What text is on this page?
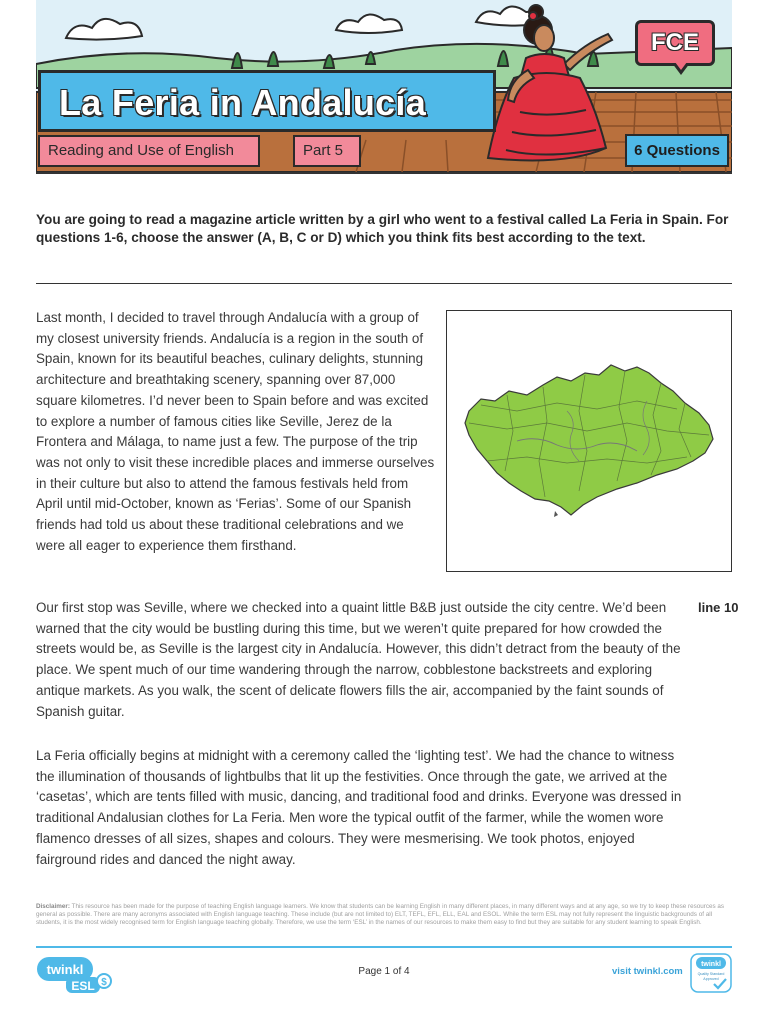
La Feria in Andalucía
Reading and Use of English	Part 5	6 Questions
FCE
You are going to read a magazine article written by a girl who went to a festival called La Feria in Spain. For questions 1-6, choose the answer (A, B, C or D) which you think fits best according to the text.
Last month, I decided to travel through Andalucía with a group of my closest university friends. Andalucía is a region in the south of Spain, known for its beautiful beaches, culinary delights, stunning architecture and breathtaking scenery, spanning over 87,000 square kilometres. I’d never been to Spain before and was excited to explore a number of famous cities like Seville, Jerez de la Frontera and Málaga, to name just a few. The purpose of the trip was not only to visit these incredible places and immerse ourselves in their culture but also to attend the famous festivals held from April until mid-October, known as ‘Ferias’. Some of our Spanish friends had told us about these traditional celebrations and we were all eager to experience them firsthand.
Our first stop was Seville, where we checked into a quaint little B&B just outside the city centre. We’d been warned that the city would be bustling during this time, but we weren’t quite prepared for how crowded the streets would be, as Seville is the largest city in Andalucía. However, this didn’t detract from the beauty of the place. We spent much of our time wandering through the narrow, cobblestone backstreets and exploring antique markets. As you walk, the scent of delicate flowers fills the air, accompanied by the faint sounds of Spanish guitar.
line 10
La Feria officially begins at midnight with a ceremony called the ‘lighting test’. We had the chance to witness the illumination of thousands of lightbulbs that lit up the festivities. Once through the gate, we arrived at the ‘casetas’, which are tents filled with music, dancing, and traditional food and drinks. Everyone was dressed in traditional Andalusian clothes for La Feria. Men wore the typical outfit of the farmer, while the women wore flamenco dresses of all sizes, shapes and colours. They were mesmerising. We took photos, enjoyed fairground rides and danced the night away.
Disclaimer: This resource has been made for the purpose of teaching English language learners. We know that students can be learning English in many different places, in many different ways and at any age, so we try to keep these resources as general as possible. There are many acronyms associated with English language teaching. These include (but are not limited to) ELT, TEFL, EFL, ELL, EAL and ESOL. While the term ESL may not fully represent the linguistic backgrounds of all students, it is the most widely recognised term for English language teaching globally. Therefore, we use the term ‘ESL’ in the names of our resources to make them easy to find but they are suitable for any student learning to speak English.
twinkl
ESL $
Page 1 of 4	visit twinkl.com
twinkl
Quality Standard
Approved
